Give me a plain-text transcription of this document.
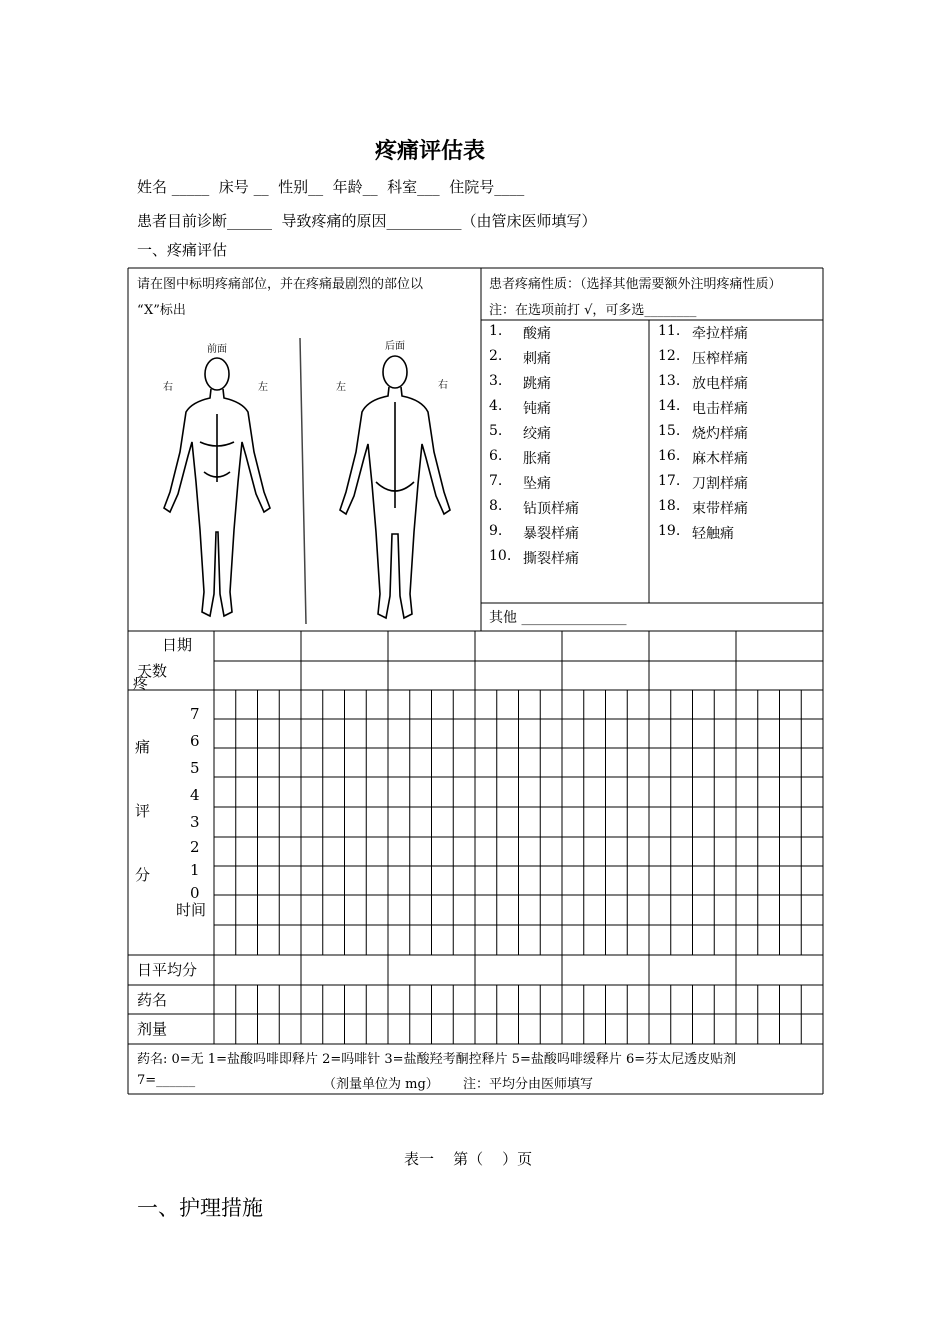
疼痛评估表
姓名 _____  床号 __  性别__  年龄__  科室___  住院号____
患者目前诊断______  导致疼痛的原因__________（由管床医师填写）
一、疼痛评估
请在图中标明疼痛部位，并在疼痛最剧烈的部位以
“X”标出
前面	后面
右	左	左	右
患者疼痛性质：（选择其他需要额外注明疼痛性质）
注：在选项前打 √，可多选________
1. 酸痛
2. 刺痛
3. 跳痛
4. 钝痛
5. 绞痛
6. 胀痛
7. 坠痛
8. 钻顶样痛
9. 暴裂样痛
10. 撕裂样痛
11. 牵拉样痛
12. 压榨样痛
13. 放电样痛
14. 电击样痛
15. 烧灼样痛
16. 麻木样痛
17. 刀割样痛
18. 束带样痛
19. 轻触痛
其他 _______________
日期
天数
疼
痛
评
分
7
6
5
4
3
2
1
0
时间
日平均分
药名
剂量
药名: 0=无 1=盐酸吗啡即释片 2=吗啡针 3=盐酸羟考酮控释片 5=盐酸吗啡缓释片 6=芬太尼透皮贴剂
7=______	（剂量单位为 mg） 注：平均分由医师填写
表一    第（    ）页
一、护理措施
